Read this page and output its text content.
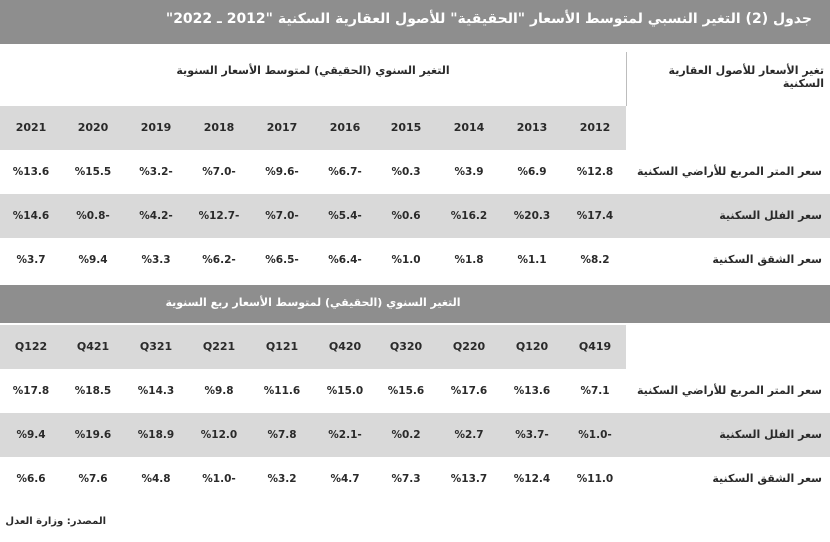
جدول (2) التغير النسبي لمتوسط الأسعار "الحقيقية" للأصول العقارية السكنية "2012 ـ 2022"
التغير السنوي (الحقيقي) لمتوسط الأسعار السنوية	تغير الأسعار للأصول العقارية السكنية
2012
2013
2014
2015
2016
2017
2018
2019
2020
2021
سعر المتر المربع للأراضي السكنية
%12.8
%6.9
%3.9
%0.3
%6.7-
%9.6-
%7.0-
%3.2-
%15.5
%13.6
سعر الفلل السكنية
%17.4
%20.3
%16.2
%0.6
%5.4-
%7.0-
%12.7-
%4.2-
%0.8-
%14.6
سعر الشقق السكنية
%8.2
%1.1
%1.8
%1.0
%6.4-
%6.5-
%6.2-
%3.3
%9.4
%3.7
التغير السنوي (الحقيقي) لمتوسط الأسعار ربع السنوية
Q419
Q120
Q220
Q320
Q420
Q121
Q221
Q321
Q421
Q122
سعر المتر المربع للأراضي السكنية
%7.1
%13.6
%17.6
%15.6
%15.0
%11.6
%9.8
%14.3
%18.5
%17.8
سعر الفلل السكنية
%1.0-
%3.7-
%2.7
%0.2
%2.1-
%7.8
%12.0
%18.9
%19.6
%9.4
سعر الشقق السكنية
%11.0
%12.4
%13.7
%7.3
%4.7
%3.2
%1.0-
%4.8
%7.6
%6.6
المصدر: وزارة العدل
